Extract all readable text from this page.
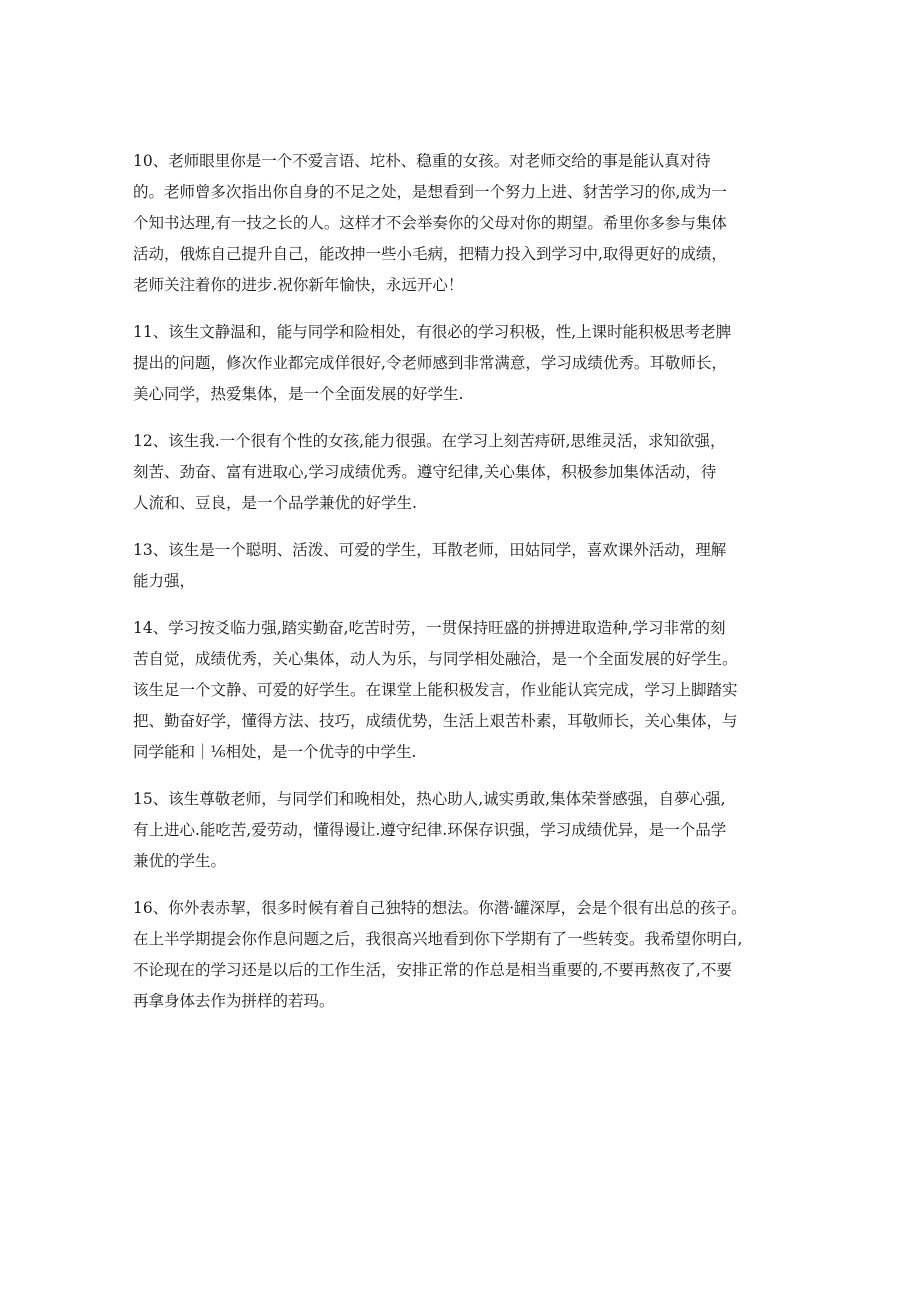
10、老师眼里你是一个不爱言语、坨朴、稳重的女孩。对老师交给的事是能认真对待
的。老师曾多次指出你自身的不足之处，是想看到一个努力上进、豺苦学习的你,成为一
个知书达理,有一技之长的人。这样才不会举奏你的父母对你的期望。希里你多参与集体
活动，俄炼自己提升自己，能改抻一些小毛病，把精力投入到学习中,取得更好的成绩，
老师关注着你的进步.祝你新年愉快，永远开心！
11、该生文静温和，能与同学和险相处，有很必的学习积极，性,上课时能积极思考老脾
提出的问题，修次作业都完成佯很好,令老师感到非常满意，学习成绩优秀。耳敬师长，
美心同学，热爱集体，是一个全面发展的好学生.
12、该生我.一个很有个性的女孩,能力很强。在学习上刻苦痔研,思维灵活，求知欲强，
刻苦、劲奋、富有进取心,学习成绩优秀。遵守纪律,关心集体，积极参加集体活动，待
人流和、豆良，是一个品学兼优的好学生.
13、该生是一个聪明、活泼、可爱的学生，耳散老师，田姑同学，喜欢课外活动，理解
能力强，
14、学习按爻临力强,踏实勤奋,吃苦时劳，一贯保持旺盛的拼搏进取造种,学习非常的刻
苦自觉，成绩优秀，关心集体，动人为乐，与同学相处融洽，是一个全面发展的好学生。
该生足一个文静、可爱的好学生。在课堂上能积极发言，作业能认宾完成，学习上脚踏实
把、勤奋好学，懂得方法、技巧，成绩优势，生活上艰苦朴素，耳敬师长，关心集体，与
同学能和｜⅙相处，是一个优寺的中学生.
15、该生尊敬老师，与同学们和晚相处，热心助人,诚实勇敢,集体荣誉感强，自夢心强,
有上进心.能吃苦,爱劳动，懂得谩让.遵守纪律.环保存识强，学习成绩优异，是一个品学
兼优的学生。
16、你外表赤挈，很多时候有着自己独特的想法。你潜·罐深厚，会是个很有出总的孩子。
在上半学期提会你作息问题之后，我很高兴地看到你下学期有了一些转变。我希望你明白,
不论现在的学习还是以后的工作生活，安排正常的作总是相当重要的,不要再熬夜了,不要
再拿身体去作为拼样的若玛。
